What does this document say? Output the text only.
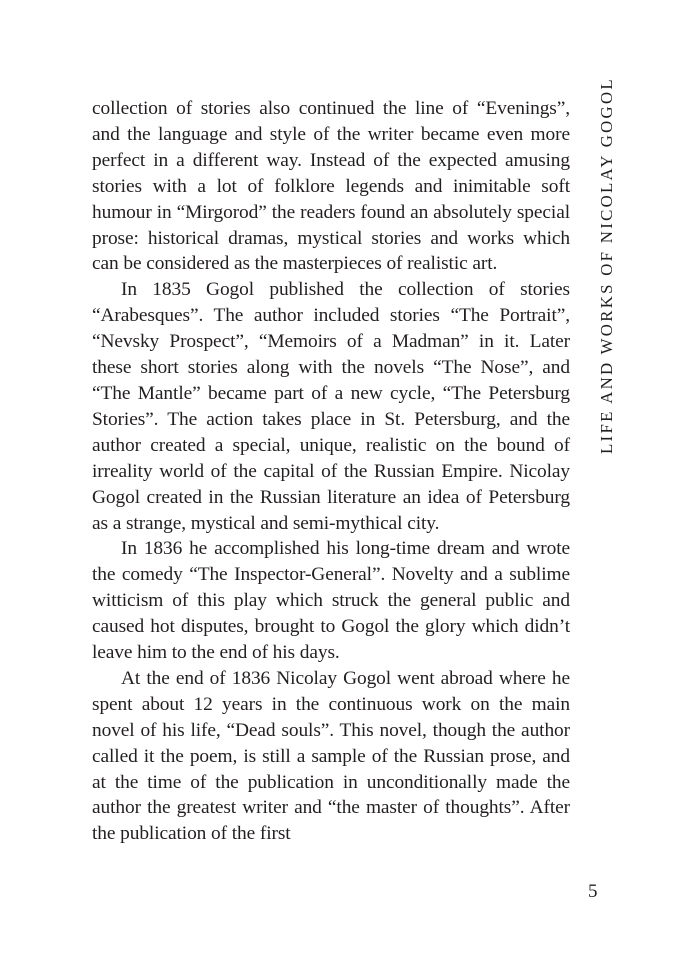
collection of stories also continued the line of “Evenings”, and the language and style of the writer became even more perfect in a different way. Instead of the expected amusing stories with a lot of folklore legends and inimitable soft humour in “Mirgorod” the readers found an absolutely special prose: historical dramas, mystical stories and works which can be considered as the masterpieces of realistic art.

In 1835 Gogol published the collection of stories “Arabesques”. The author included stories “The Portrait”, “Nevsky Prospect”, “Memoirs of a Madman” in it. Later these short stories along with the novels “The Nose”, and “The Mantle” became part of a new cycle, “The Petersburg Stories”. The action takes place in St. Petersburg, and the author created a special, unique, realistic on the bound of irreality world of the capital of the Russian Empire. Nicolay Gogol created in the Russian literature an idea of Petersburg as a strange, mystical and semi-mythical city.

In 1836 he accomplished his long-time dream and wrote the comedy “The Inspector-General”. Novelty and a sublime witticism of this play which struck the general public and caused hot disputes, brought to Gogol the glory which didn’t leave him to the end of his days.

At the end of 1836 Nicolay Gogol went abroad where he spent about 12 years in the continuous work on the main novel of his life, “Dead souls”. This novel, though the author called it the poem, is still a sample of the Russian prose, and at the time of the publication in unconditionally made the author the greatest writer and “the master of thoughts”. After the publication of the first

LIFE AND WORKS OF NICOLAY GOGOL
5
